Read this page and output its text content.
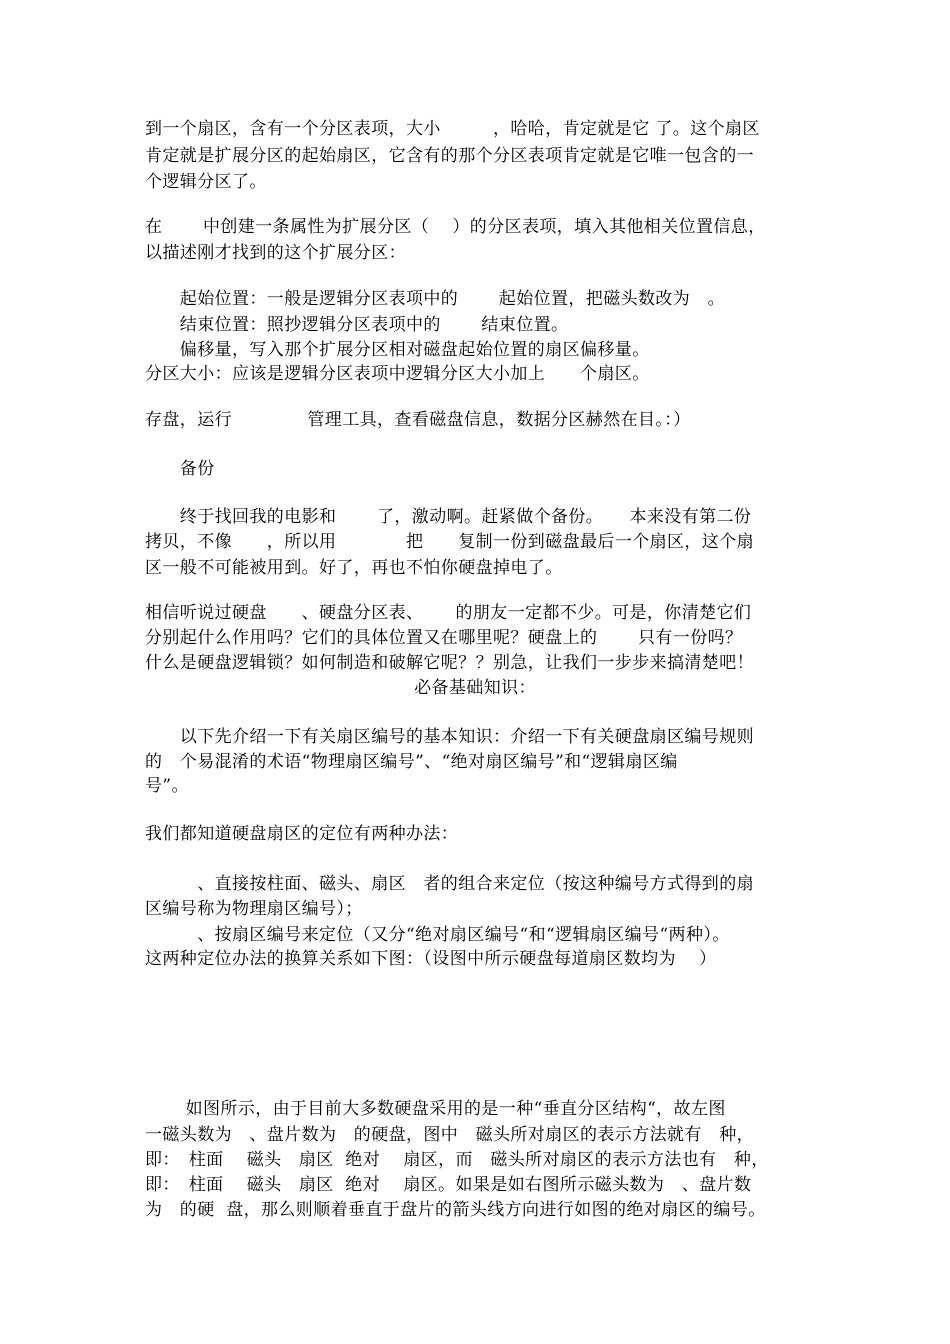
到一个扇区，含有一个分区表项，大小　　　，哈哈，肯定就是它 了。这个扇区
肯定就是扩展分区的起始扇区，它含有的那个分区表项肯定就是它唯一包含的一
个逻辑分区了。
在　　 中创建一条属性为扩展分区（　 ）的分区表项，填入其他相关位置信息，
以描述刚才找到的这个扩展分区：
　　起始位置：一般是逻辑分区表项中的　　 起始位置，把磁头数改为　。
　　结束位置：照抄逻辑分区表项中的　　 结束位置。
　　偏移量，写入那个扩展分区相对磁盘起始位置的扇区偏移量。
分区大小：应该是逻辑分区表项中逻辑分区大小加上　　个扇区。
存盘，运行　　　　 管理工具，查看磁盘信息，数据分区赫然在目。：）
　　备份
　　终于找回我的电影和　　 了，激动啊。赶紧做个备份。　　本来没有第二份
拷贝，不像　　，所以用　　　　把　　复制一份到磁盘最后一个扇区，这个扇
区一般不可能被用到。好了，再也不怕你硬盘掉电了。
相信听说过硬盘　　、硬盘分区表、　　 的朋友一定都不少。可是，你清楚它们
分别起什么作用吗？它们的具体位置又在哪里呢？硬盘上的　　 只有一份吗？
什么是硬盘逻辑锁？如何制造和破解它呢？？别急，让我们一步步来搞清楚吧！
必备基础知识：
　　以下先介绍一下有关扇区编号的基本知识：介绍一下有关硬盘扇区编号规则
的　个易混淆的术语“物理扇区编号”、“绝对扇区编号”和“逻辑扇区编
号”。
我们都知道硬盘扇区的定位有两种办法：
　　　、直接按柱面、磁头、扇区　者的组合来定位（按这种编号方式得到的扇
区编号称为物理扇区编号）；
　　　、按扇区编号来定位（又分“绝对扇区编号“和“逻辑扇区编号“两种）。
这两种定位办法的换算关系如下图：（设图中所示硬盘每道扇区数均为　 ）
　　 如图所示，由于目前大多数硬盘采用的是一种“垂直分区结构“，故左图
一磁头数为　、盘片数为　的硬盘，图中　磁头所对扇区的表示方法就有　种，
即：　柱面　 磁头　扇区  绝对　 扇区，而　磁头所对扇区的表示方法也有　种，
即：　柱面　 磁头　扇区  绝对　 扇区。如果是如右图所示磁头数为　、盘片数
为　的硬  盘，那么则顺着垂直于盘片的箭头线方向进行如图的绝对扇区的编号。
